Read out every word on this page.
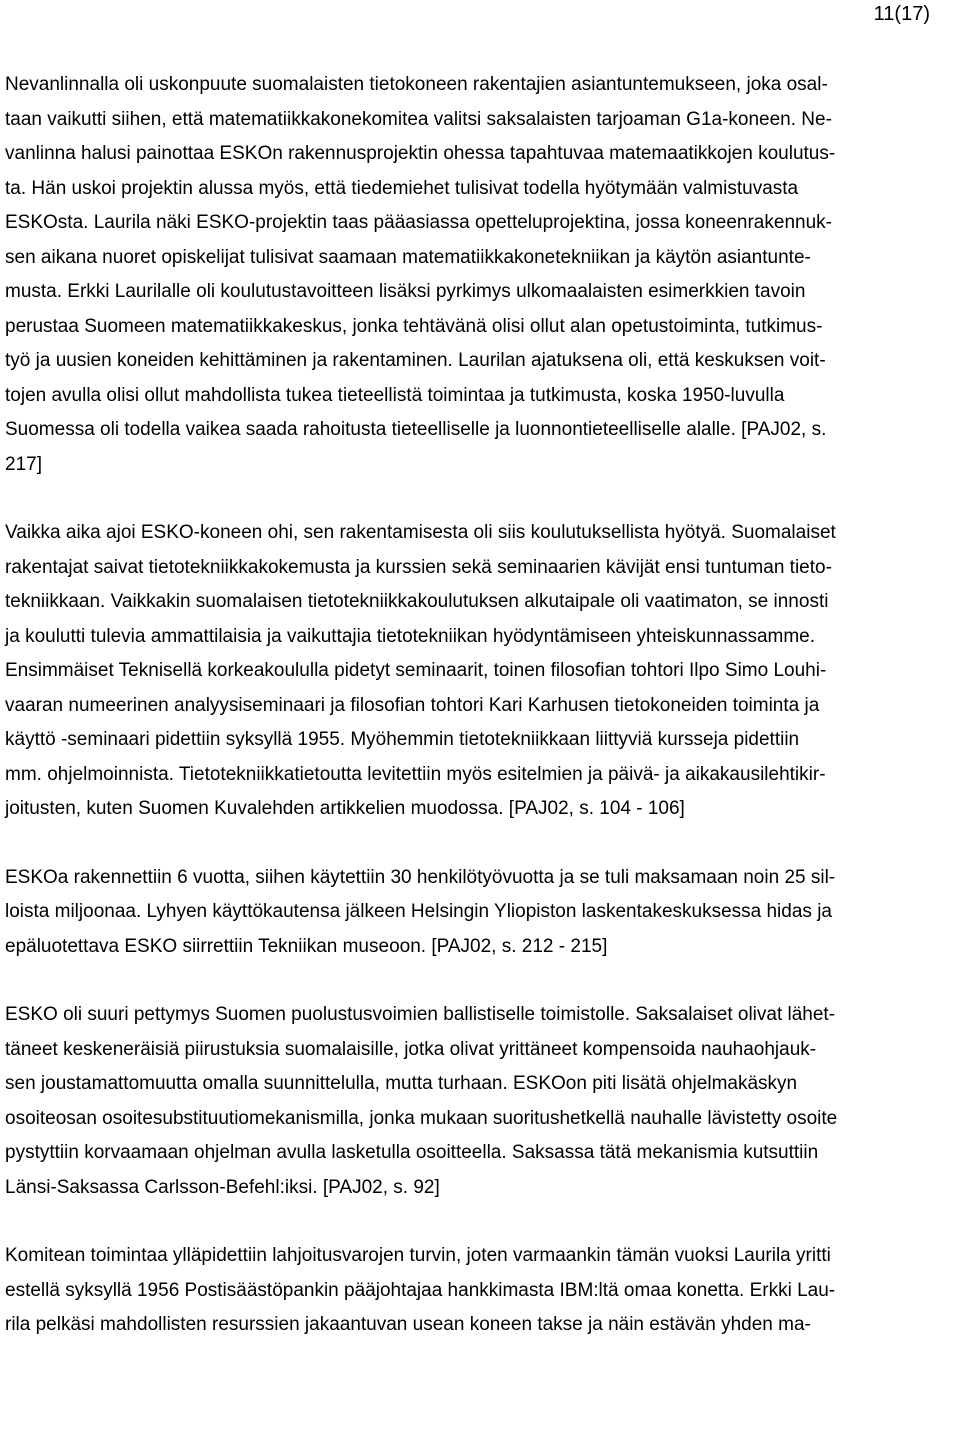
11(17)

Nevanlinnalla oli uskonpuute suomalaisten tietokoneen rakentajien asiantuntemukseen, joka osal-
taan vaikutti siihen, että matematiikkakonekomitea valitsi saksalaisten tarjoaman G1a-koneen. Ne-
vanlinna halusi painottaa ESKOn rakennusprojektin ohessa tapahtuvaa matemaatikkojen koulutus-
ta. Hän uskoi projektin alussa myös, että tiedemiehet tulisivat todella hyötymään valmistuvasta
ESKOsta. Laurila näki ESKO-projektin taas pääasiassa opetteluprojektina, jossa koneenrakennuk-
sen aikana nuoret opiskelijat tulisivat saamaan matematiikkakonetekniikan ja käytön asiantunte-
musta. Erkki Laurilalle oli koulutustavoitteen lisäksi pyrkimys ulkomaalaisten esimerkkien tavoin
perustaa Suomeen matematiikkakeskus, jonka tehtävänä olisi ollut alan opetustoiminta, tutkimus-
työ ja uusien koneiden kehittäminen ja rakentaminen. Laurilan ajatuksena oli, että keskuksen voit-
tojen avulla olisi ollut mahdollista tukea tieteellistä toimintaa ja tutkimusta, koska 1950-luvulla
Suomessa oli todella vaikea saada rahoitusta tieteelliselle ja luonnontieteelliselle alalle. [PAJ02, s.
217]

Vaikka aika ajoi ESKO-koneen ohi, sen rakentamisesta oli siis koulutuksellista hyötyä. Suomalaiset
rakentajat saivat tietotekniikkakokemusta ja kurssien sekä seminaarien kävijät ensi tuntuman tieto-
tekniikkaan. Vaikkakin suomalaisen tietotekniikkakoulutuksen alkutaipale oli vaatimaton, se innosti
ja koulutti tulevia ammattilaisia ja vaikuttajia tietotekniikan hyödyntämiseen yhteiskunnassamme.
Ensimmäiset Teknisellä korkeakoululla pidetyt seminaarit, toinen filosofian tohtori Ilpo Simo Louhi-
vaaran numeerinen analyysiseminaari ja filosofian tohtori Kari Karhusen tietokoneiden toiminta ja
käyttö -seminaari pidettiin syksyllä 1955. Myöhemmin tietotekniikkaan liittyviä kursseja pidettiin
mm. ohjelmoinnista. Tietotekniikkatietoutta levitettiin myös esitelmien ja päivä- ja aikakausilehtikir-
joitusten, kuten Suomen Kuvalehden artikkelien muodossa. [PAJ02, s. 104 - 106]

ESKOa rakennettiin 6 vuotta, siihen käytettiin 30 henkilötyövuotta ja se tuli maksamaan noin 25 sil-
loista miljoonaa. Lyhyen käyttökautensa jälkeen Helsingin Yliopiston laskentakeskuksessa hidas ja
epäluotettava ESKO siirrettiin Tekniikan museoon. [PAJ02, s. 212 - 215]

ESKO oli suuri pettymys Suomen puolustusvoimien ballistiselle toimistolle. Saksalaiset olivat lähet-
täneet keskeneräisiä piirustuksia suomalaisille, jotka olivat yrittäneet kompensoida nauhaohjauk-
sen joustamattomuutta omalla suunnittelulla, mutta turhaan. ESKOon piti lisätä ohjelmakäskyn
osoiteosan osoitesubstituutiomekanismilla, jonka mukaan suoritushetkellä nauhalle lävistetty osoite
pystyttiin korvaamaan ohjelman avulla lasketulla osoitteella. Saksassa tätä mekanismia kutsuttiin
Länsi-Saksassa Carlsson-Befehl:iksi. [PAJ02, s. 92]

Komitean toimintaa ylläpidettiin lahjoitusvarojen turvin, joten varmaankin tämän vuoksi Laurila yritti
estellä syksyllä 1956 Postisäästöpankin pääjohtajaa hankkimasta IBM:ltä omaa konetta. Erkki Lau-
rila pelkäsi mahdollisten resurssien jakaantuvan usean koneen takse ja näin estävän yhden ma-
